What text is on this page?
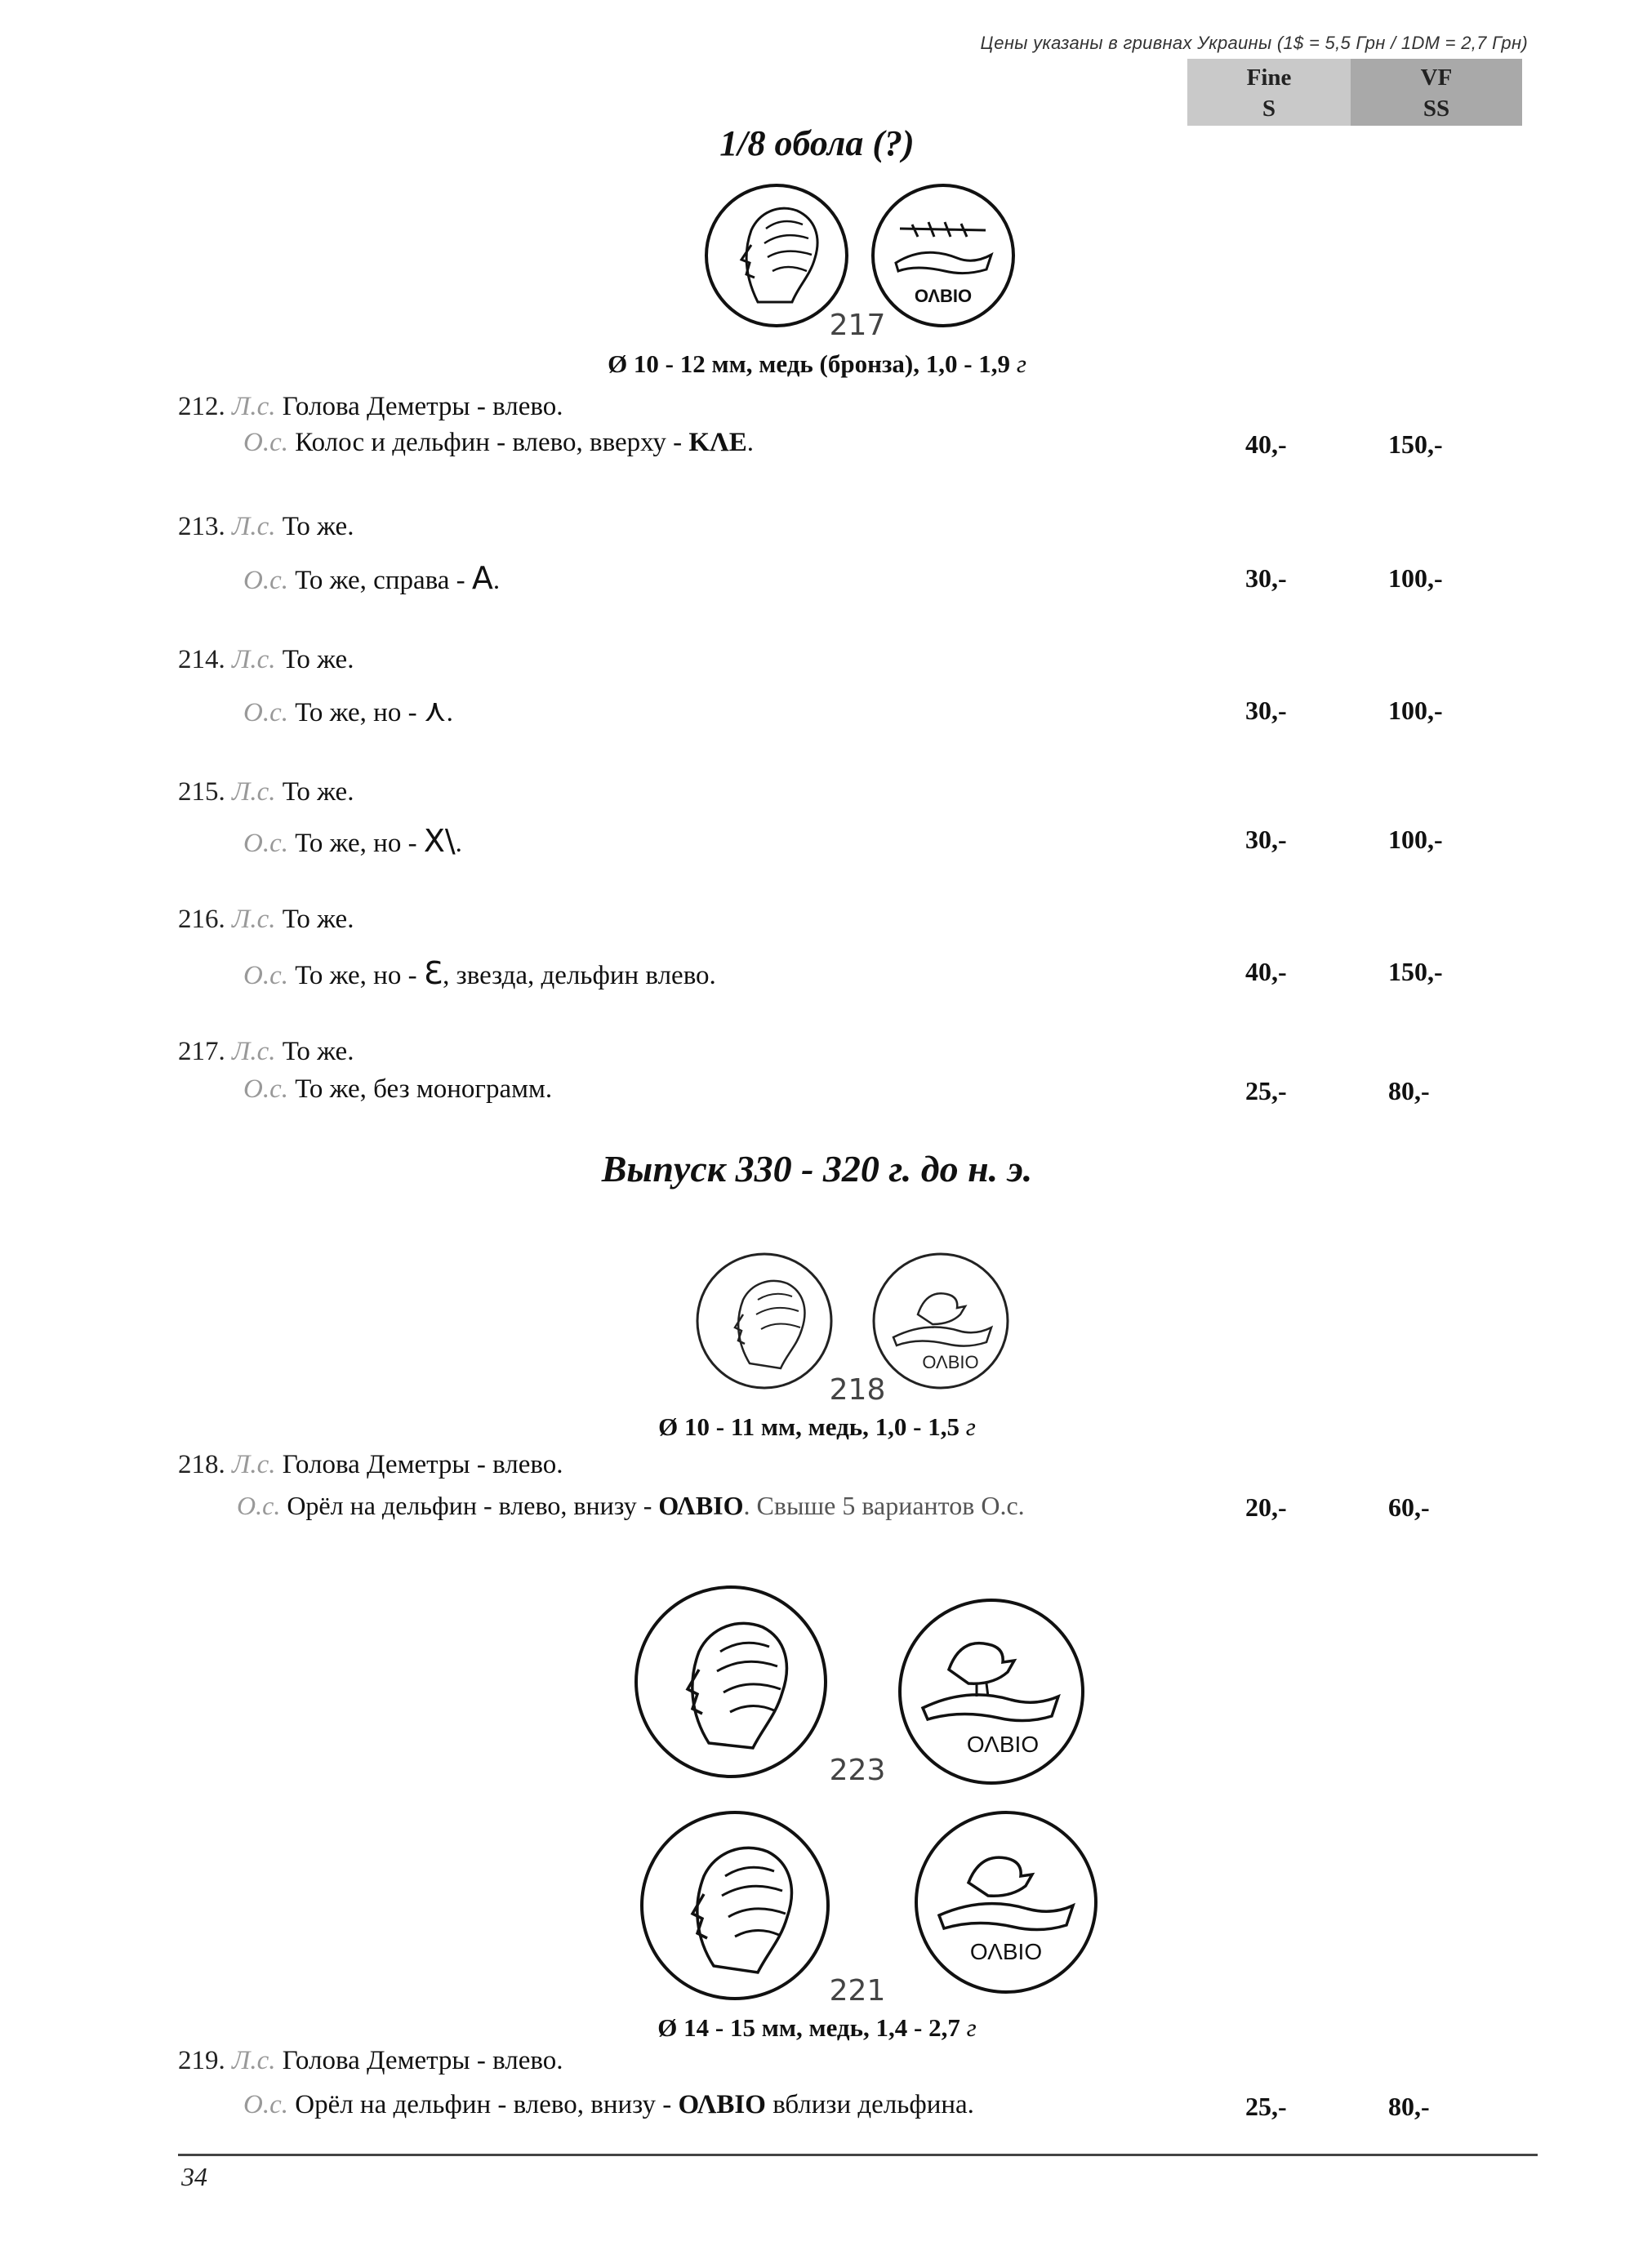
Цены указаны в гривнах Украины (1$ = 5,5 Грн / 1DM = 2,7 Грн)
Fine
S
VF
SS
1/8 обола (?)
ΟΛΒΙΟ
217
Ø 10 - 12 мм, медь (бронза), 1,0 - 1,9 г
212. Л.с. Голова Деметры - влево.
О.с. Колос и дельфин - влево, вверху - ΚΛΕ.	40,-	150,-
213. Л.с. То же.
О.с. То же, справа - Α.	30,-	100,-
214. Л.с. То же.
О.с. То же, но - ⋏.	30,-	100,-
215. Л.с. То же.
О.с. То же, но - X\.	30,-	100,-
216. Л.с. То же.
О.с. То же, но - Ɛ, звезда, дельфин влево.	40,-	150,-
217. Л.с. То же.
О.с. То же, без монограмм.	25,-	80,-
Выпуск 330 - 320 г. до н. э.
ΟΛΒΙΟ
218
Ø 10 - 11 мм, медь, 1,0 - 1,5 г
218. Л.с. Голова Деметры - влево.
О.с. Орёл на дельфин - влево, внизу - ΟΛΒΙΟ. Свыше 5 вариантов О.с.	20,-	60,-
ΟΛΒΙΟ
223
ΟΛΒΙΟ
221
Ø 14 - 15 мм, медь, 1,4 - 2,7 г
219. Л.с. Голова Деметры - влево.
О.с. Орёл на дельфин - влево, внизу - ΟΛΒΙΟ вблизи дельфина.	25,-	80,-
34
